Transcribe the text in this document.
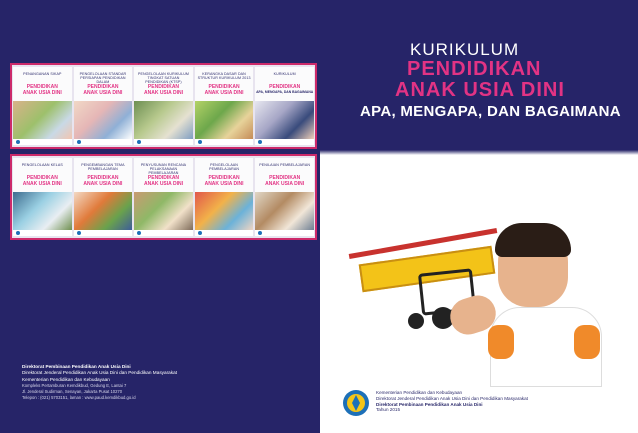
PENANGANAN SIKAP
PENDIDIKAN
ANAK USIA DINI
PENGELOLAAN STANDAR PERSIAPAN PENDIDIKAN DALAM
PENDIDIKAN
ANAK USIA DINI
PENGELOLAAN KURIKULUM TINGKAT SATUAN PENDIDIKAN (KTSP)
PENDIDIKAN
ANAK USIA DINI
KERANGKA DASAR DAN STRUKTUR KURIKULUM 2013
PENDIDIKAN
ANAK USIA DINI
KURIKULUM
PENDIDIKAN
APA, MENGAPA, DAN BAGAIMANA
PENGELOLAAN KELAS
PENDIDIKAN
ANAK USIA DINI
PENGEMBANGAN TEMA PEMBELAJARAN
PENDIDIKAN
ANAK USIA DINI
PENYUSUNAN RENCANA PELAKSANAAN PEMBELAJARAN
PENDIDIKAN
ANAK USIA DINI
PENGELOLAAN PEMBELAJARAN
PENDIDIKAN
ANAK USIA DINI
PENILAIAN PEMBELAJARAN
PENDIDIKAN
ANAK USIA DINI
Direktorat Pembinaan Pendidikan Anak Usia Dini
Direktorat Jenderal Pendidikan Anak Usia Dini dan Pendidikan Masyarakat
Kementerian Pendidikan dan Kebudayaan
Kompleks Pertamburan Kemdikbud, Gedung E, Lantai 7
Jl. Jenderal Sudirman, Senayan, Jakarta Pusat 10270
Telepon : (021) 5703151, laman : www.paud.kemdikbud.go.id
KURIKULUM
PENDIDIKAN
ANAK USIA DINI
APA, MENGAPA, DAN BAGAIMANA
Kementerian Pendidikan dan Kebudayaan
Direktorat Jenderal Pendidikan Anak Usia Dini dan Pendidikan Masyarakat
Direktorat Pembinaan Pendidikan Anak Usia Dini
Tahun 2015
